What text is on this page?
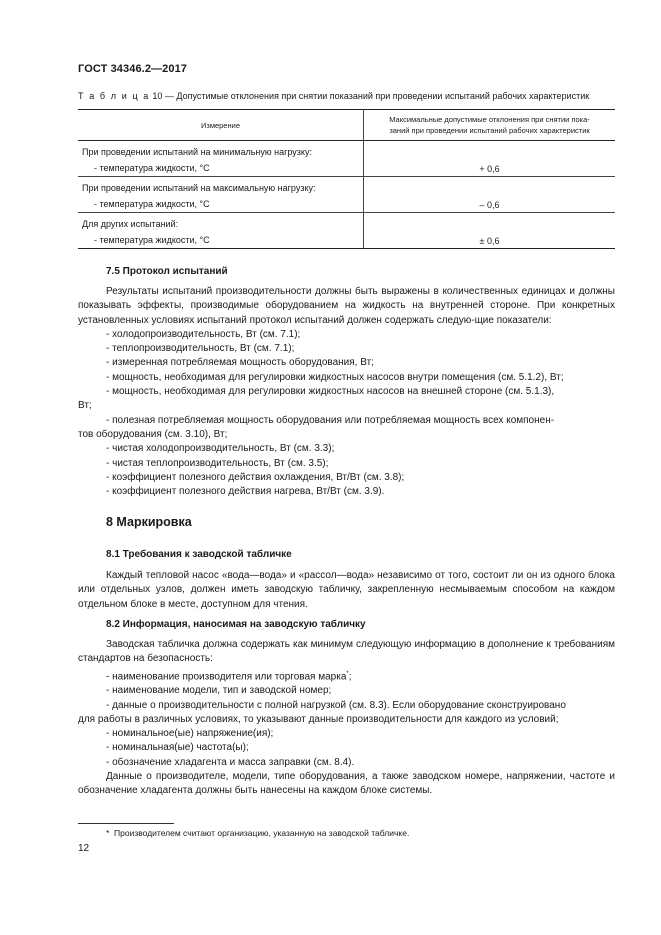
ГОСТ 34346.2—2017
Т а б л и ц а 10 — Допустимые отклонения при снятии показаний при проведении испытаний рабочих характеристик
Измерение	Максимальные допустимые отклонения при снятии пока-
заний при проведении испытаний рабочих характеристик

При проведении испытаний на минимальную нагрузку:
- температура жидкости, °С	+ 0,6

При проведении испытаний на максимальную нагрузку:
- температура жидкости, °С	– 0,6

Для других испытаний:
- температура жидкости, °С	± 0,6
7.5 Протокол испытаний

Результаты испытаний производительности должны быть выражены в количественных единицах и должны показывать эффекты, производимые оборудованием на жидкость на внутренней стороне. При конкретных установленных условиях испытаний протокол испытаний должен содержать следую-щие показатели:

- холодопроизводительность, Вт (см. 7.1);

- теплопроизводительность, Вт (см. 7.1);

- измеренная потребляемая мощность оборудования, Вт;

- мощность, необходимая для регулировки жидкостных насосов внутри помещения (см. 5.1.2), Вт;

- мощность, необходимая для регулировки жидкостных насосов на внешней стороне (см. 5.1.3),

Вт;

- полезная потребляемая мощность оборудования или потребляемая мощность всех компонен-

тов оборудования (см. 3.10), Вт;

- чистая холодопроизводительность, Вт (см. 3.3);

- чистая теплопроизводительность, Вт (см. 3.5);

- коэффициент полезного действия охлаждения, Вт/Вт (см. 3.8);

- коэффициент полезного действия нагрева, Вт/Вт (см. 3.9).

8 Маркировка
8.1 Требования к заводской табличке

Каждый тепловой насос «вода—вода» и «рассол—вода» независимо от того, состоит ли он из одного блока или отдельных узлов, должен иметь заводскую табличку, закрепленную несмываемым способом на каждом отдельном блоке в месте, доступном для чтения.

8.2 Информация, наносимая на заводскую табличку

Заводская табличка должна содержать как минимум следующую информацию в дополнение к требованиям стандартов на безопасность:

- наименование производителя или торговая марка*;

- наименование модели, тип и заводской номер;

- данные о производительности с полной нагрузкой (см. 8.3). Если оборудование сконструировано

для работы в различных условиях, то указывают данные производительности для каждого из условий;

- номинальное(ые) напряжение(ия);

- номинальная(ые) частота(ы);

- обозначение хладагента и масса заправки (см. 8.4).

Данные о производителе, модели, типе оборудования, а также заводском номере, напряжении, частоте и обозначение хладагента должны быть нанесены на каждом блоке системы.

* Производителем считают организацию, указанную на заводской табличке.
12
